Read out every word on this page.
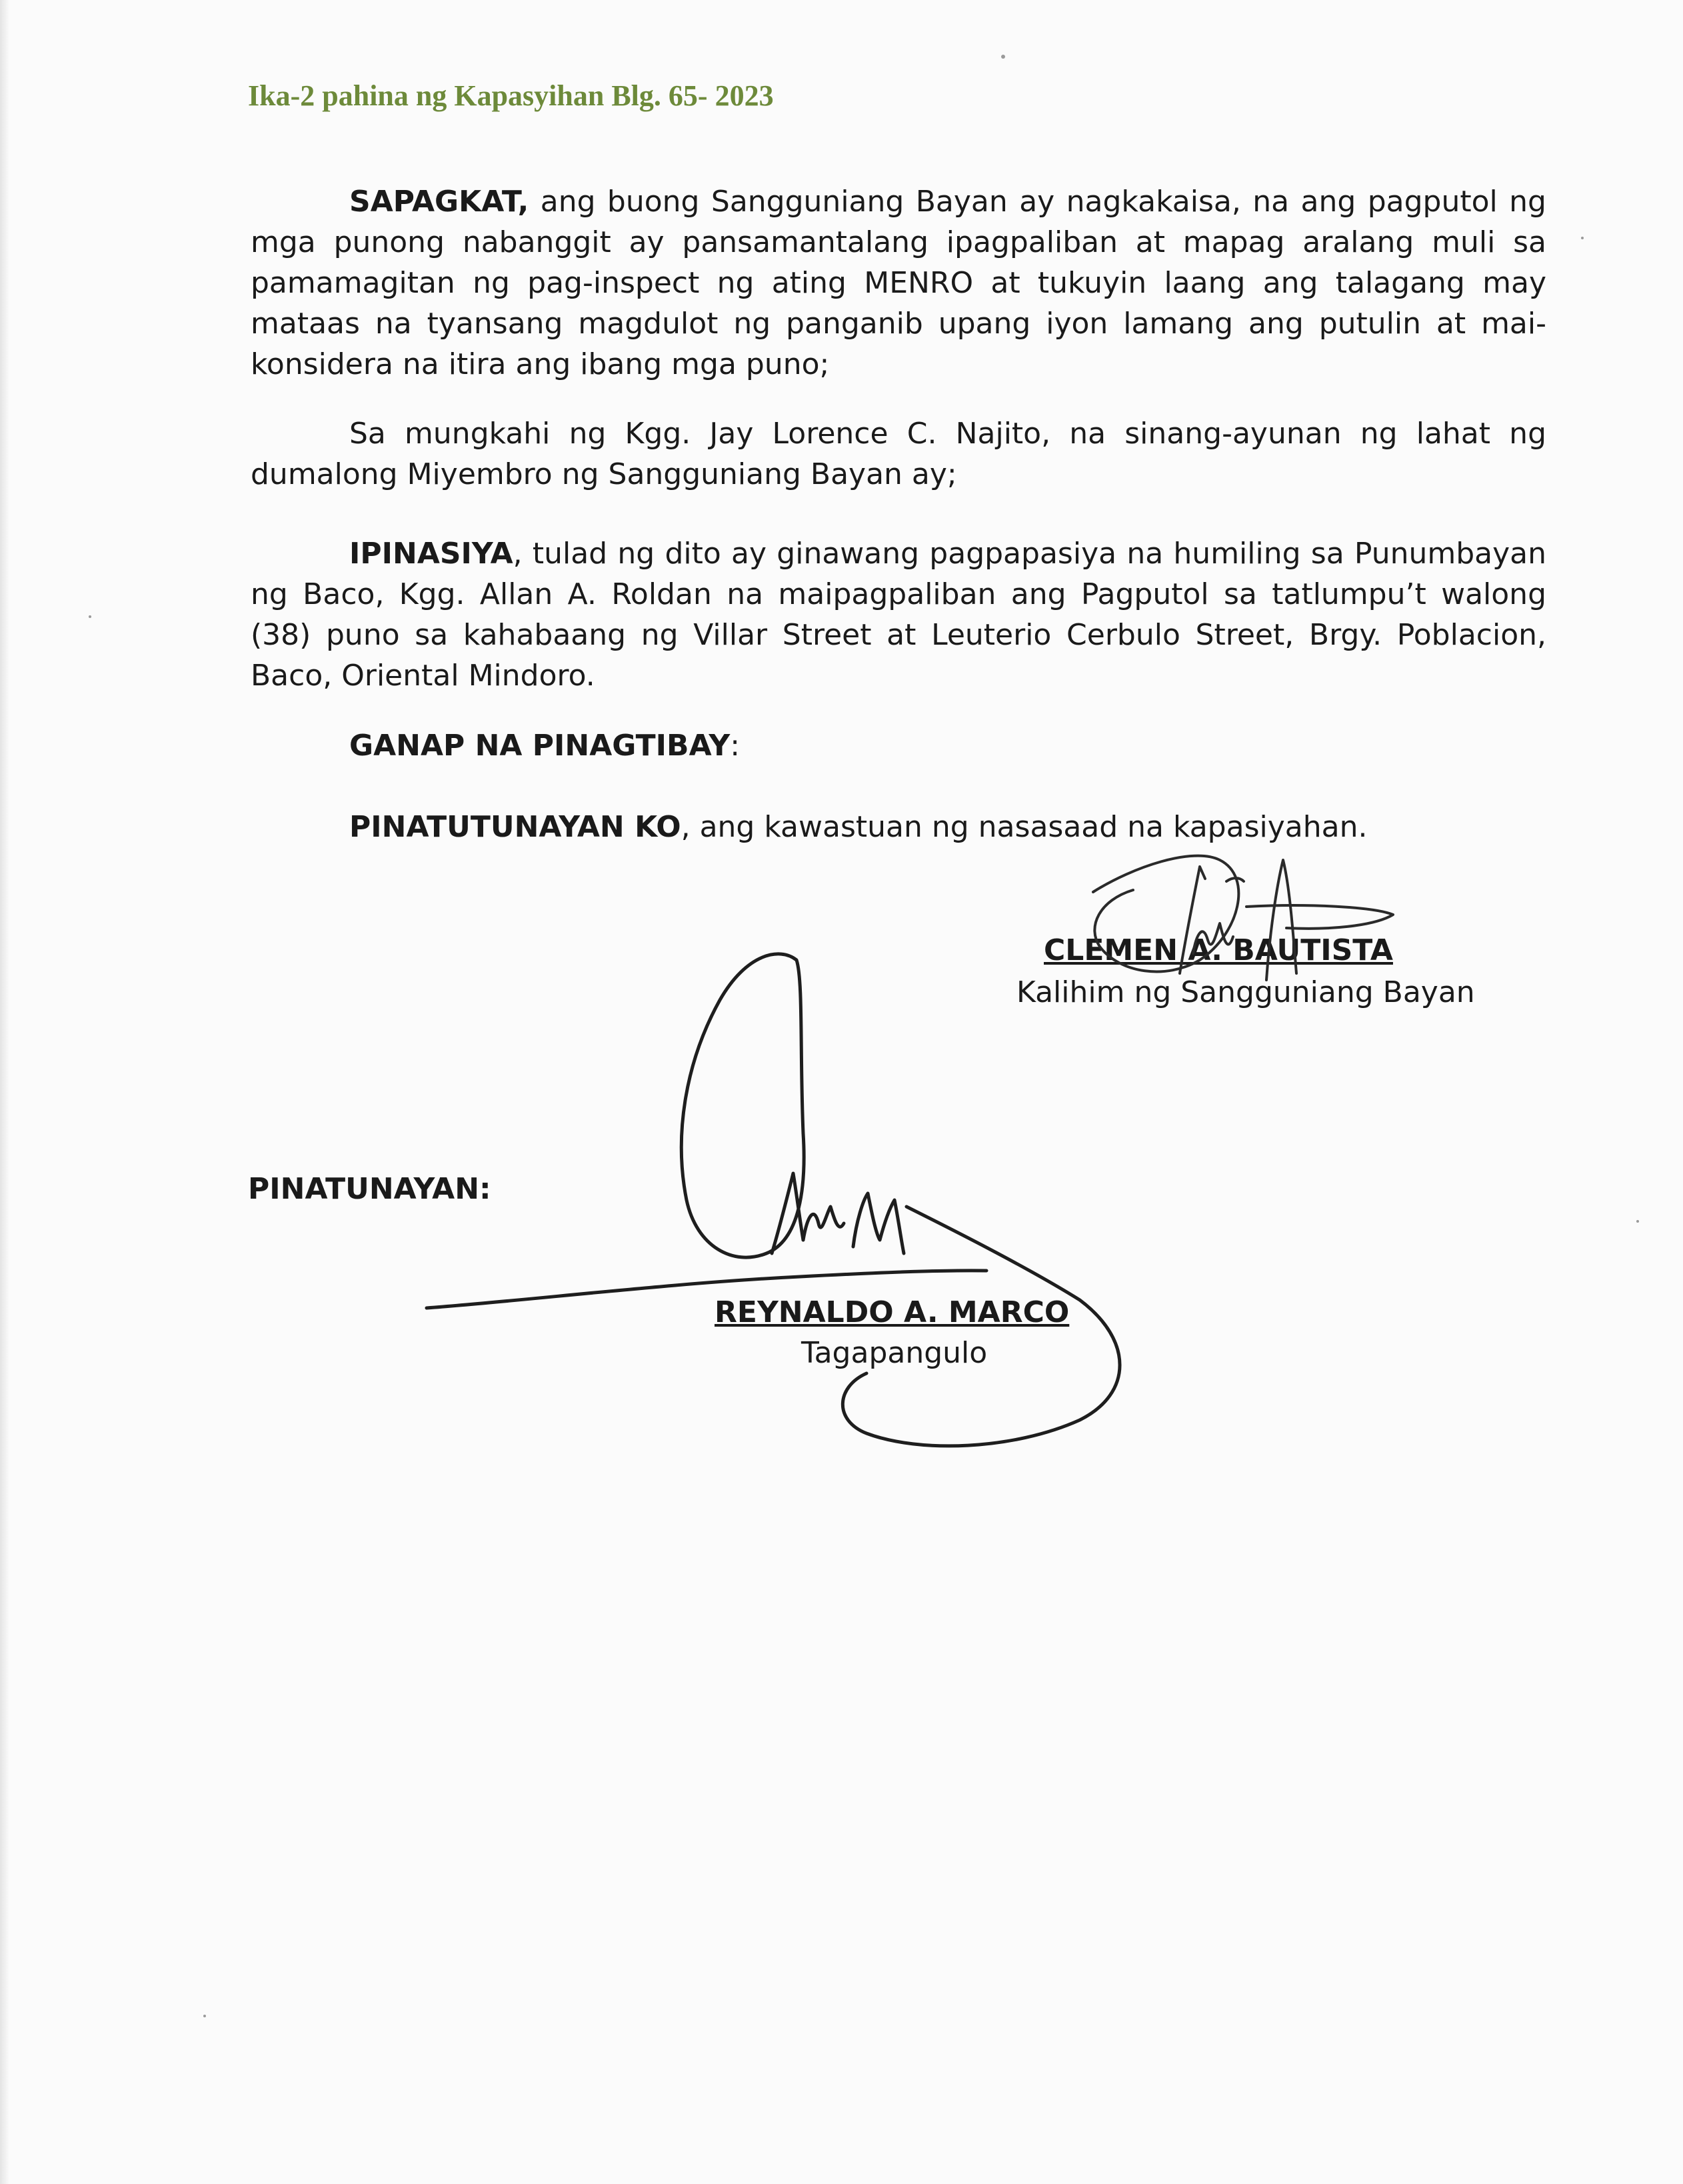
Ika-2 pahina ng Kapasyihan Blg. 65- 2023

SAPAGKAT, ang buong Sangguniang Bayan ay nagkakaisa, na ang pagputol ng mga punong nabanggit ay pansamantalang ipagpaliban at mapag aralang muli sa pamamagitan ng pag-inspect ng ating MENRO at tukuyin laang ang talagang may mataas na tyansang magdulot ng panganib upang iyon lamang ang putulin at mai-konsidera na itira ang ibang mga puno;

Sa mungkahi ng Kgg. Jay Lorence C. Najito, na sinang-ayunan ng lahat ng dumalong Miyembro ng Sangguniang Bayan ay;

IPINASIYA, tulad ng dito ay ginawang pagpapasiya na humiling sa Punumbayan ng Baco, Kgg. Allan A. Roldan na maipagpaliban ang Pagputol sa tatlumpu’t walong (38) puno sa kahabaang ng Villar Street at Leuterio Cerbulo Street, Brgy. Poblacion, Baco, Oriental Mindoro.

GANAP NA PINAGTIBAY:
PINATUTUNAYAN KO, ang kawastuan ng nasasaad na kapasiyahan.
CLEMEN A. BAUTISTA
Kalihim ng Sangguniang Bayan
PINATUNAYAN:
REYNALDO A. MARCO
Tagapangulo
